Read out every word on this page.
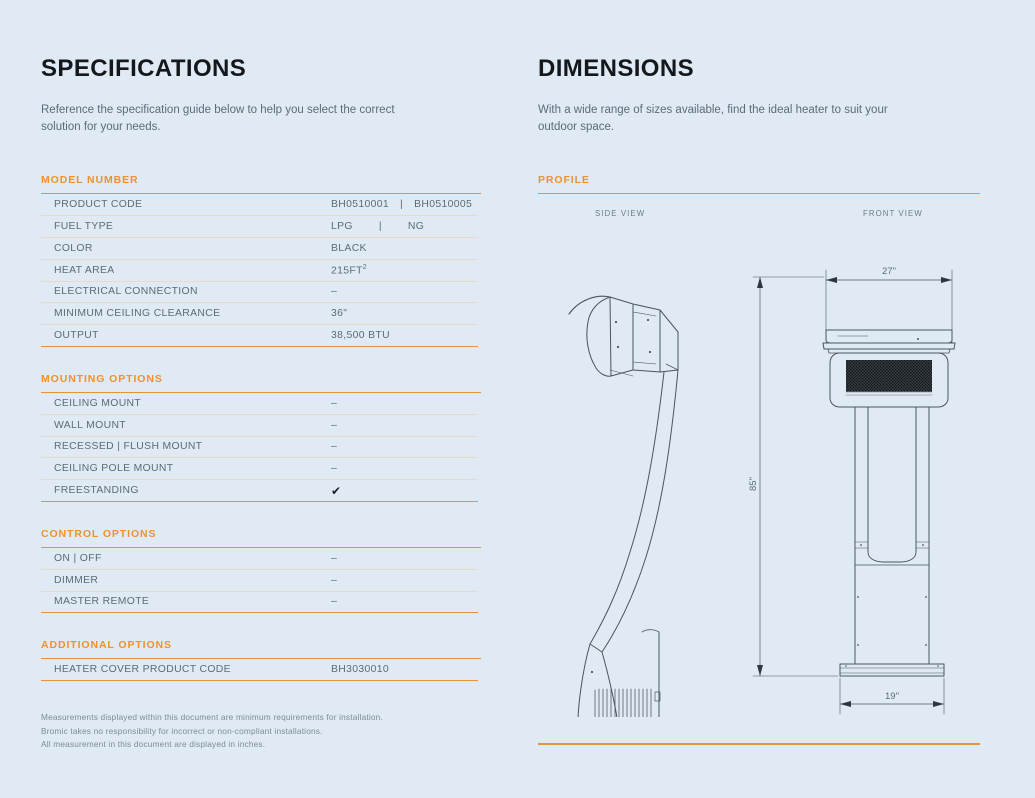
SPECIFICATIONS
Reference the specification guide below to help you select the correct solution for your needs.
MODEL NUMBER
PRODUCT CODE	BH0510001 | BH0510005
FUEL TYPE	LPG	|	NG
COLOR	BLACK
HEAT AREA	$215FT^2$
ELECTRICAL CONNECTION	–
MINIMUM CEILING CLEARANCE	36"
OUTPUT	38,500 BTU
MOUNTING OPTIONS
CEILING MOUNT	–
WALL MOUNT	–
RECESSED | FLUSH MOUNT	–
CEILING POLE MOUNT	–
FREESTANDING	✔
CONTROL OPTIONS
ON | OFF	–
DIMMER	–
MASTER REMOTE	–
ADDITIONAL OPTIONS
HEATER COVER PRODUCT CODE	BH3030010
Measurements displayed within this document are minimum requirements for installation.
Bromic takes no responsibility for incorrect or non-compliant installations.
All measurement in this document are displayed in inches.
DIMENSIONS
With a wide range of sizes available, find the ideal heater to suit your outdoor space.
PROFILE
SIDE VIEW	FRONT VIEW
27"
85"
19"
